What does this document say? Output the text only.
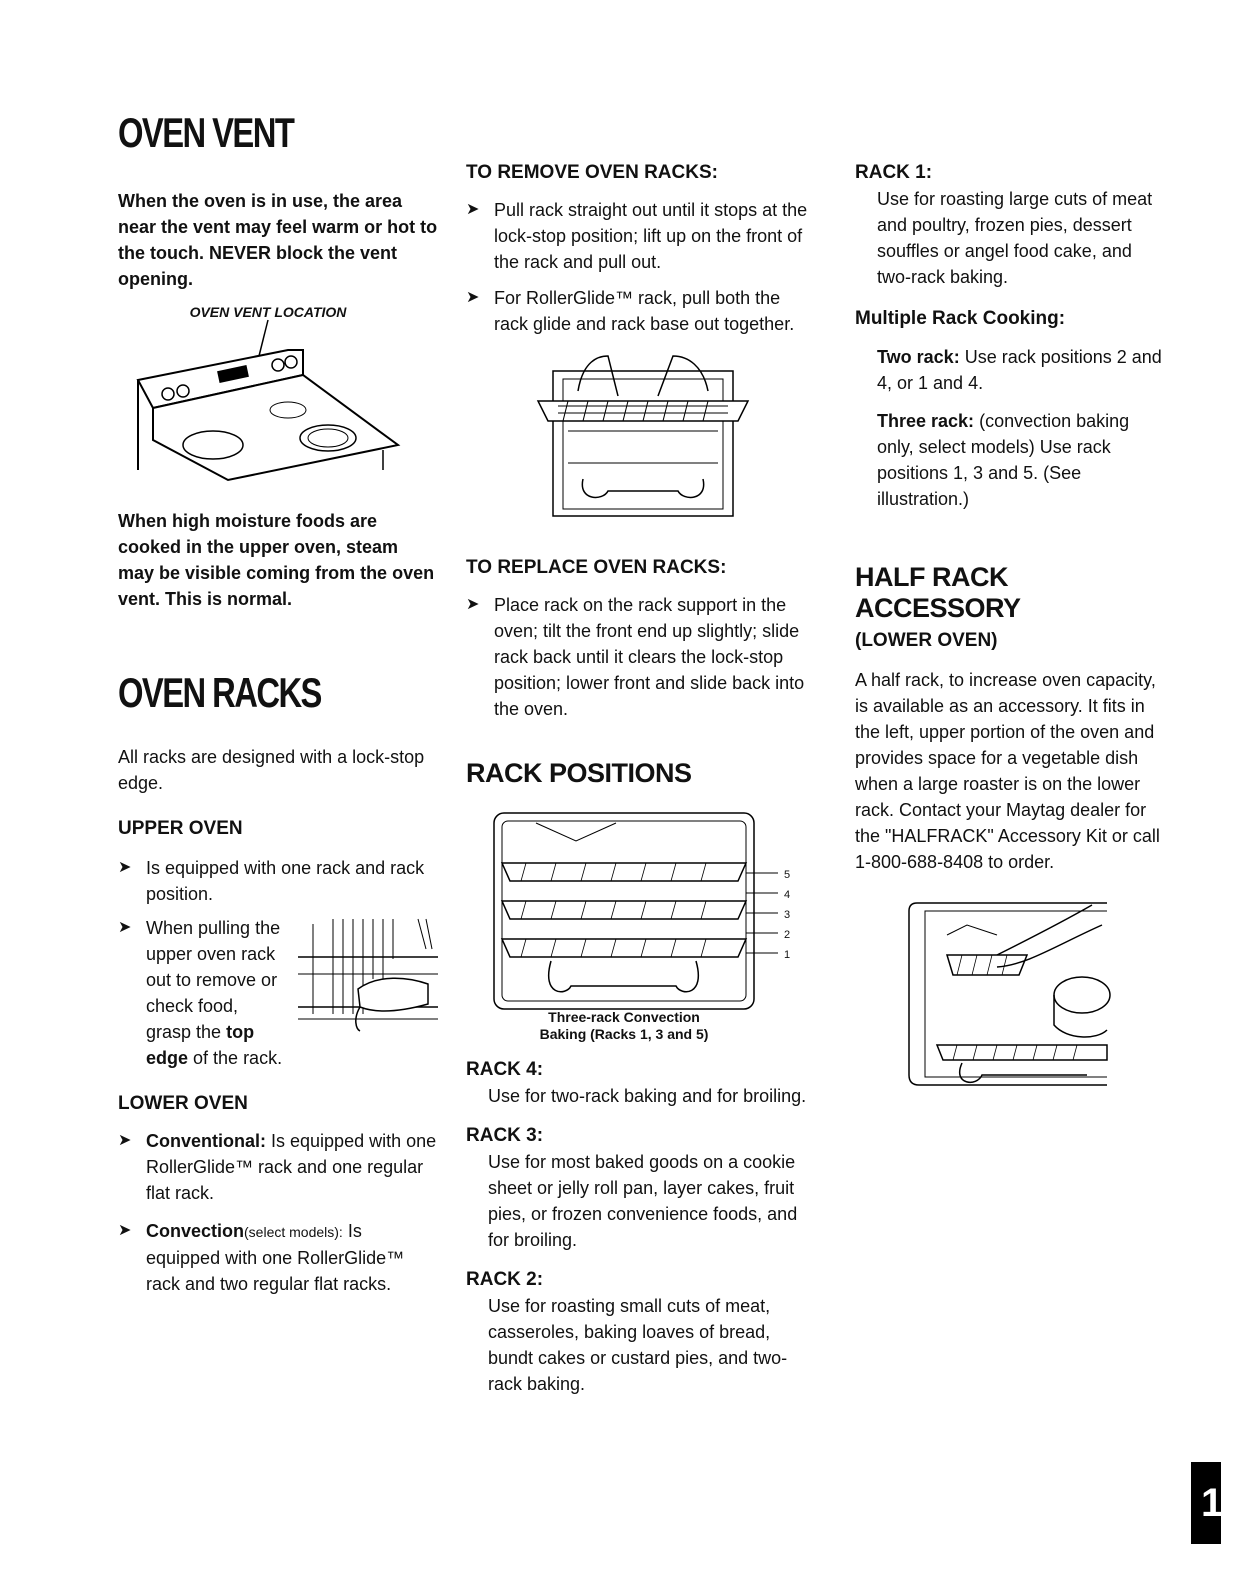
OVEN VENT

When the oven is in use, the area near the vent may feel warm or hot to the touch. NEVER block the vent opening.

OVEN VENT LOCATION

When high moisture foods are cooked in the upper oven, steam may be visible coming from the oven vent. This is normal.

OVEN RACKS

All racks are designed with a lock-stop edge.

UPPER OVEN
➤ Is equipped with one rack and rack position.
➤ When pulling the upper oven rack out to remove or check food, grasp the top edge of the rack.
LOWER OVEN
➤ Conventional: Is equipped with one RollerGlide™ rack and one regular flat rack.
➤ Convection(select models): Is equipped with one RollerGlide™ rack and two regular flat racks.
TO REMOVE OVEN RACKS:
➤ Pull rack straight out until it stops at the lock-stop position; lift up on the front of the rack and pull out.
➤ For RollerGlide™ rack, pull both the rack glide and rack base out together.
TO REPLACE OVEN RACKS:
➤ Place rack on the rack support in the oven; tilt the front end up slightly; slide rack back until it clears the lock-stop position; lower front and slide back into the oven.
RACK POSITIONS
5
4
3
2
1
Three-rack Convection
Baking (Racks 1, 3 and 5)
RACK 4:

Use for two-rack baking and for broiling.

RACK 3:

Use for most baked goods on a cookie sheet or jelly roll pan, layer cakes, fruit pies, or frozen convenience foods, and for broiling.

RACK 2:

Use for roasting small cuts of meat, casseroles, baking loaves of bread, bundt cakes or custard pies, and two-rack baking.

RACK 1:

Use for roasting large cuts of meat and poultry, frozen pies, dessert souffles or angel food cake, and two-rack baking.

Multiple Rack Cooking:

Two rack: Use rack positions 2 and 4, or 1 and 4.

Three rack: (convection baking only, select models) Use rack positions 1, 3 and 5. (See illustration.)

HALF RACK ACCESSORY
(LOWER OVEN)

A half rack, to increase oven capacity, is available as an accessory. It fits in the left, upper portion of the oven and provides space for a vegetable dish when a large roaster is on the lower rack. Contact your Maytag dealer for the "HALFRACK" Accessory Kit or call 1-800-688-8408 to order.

10
